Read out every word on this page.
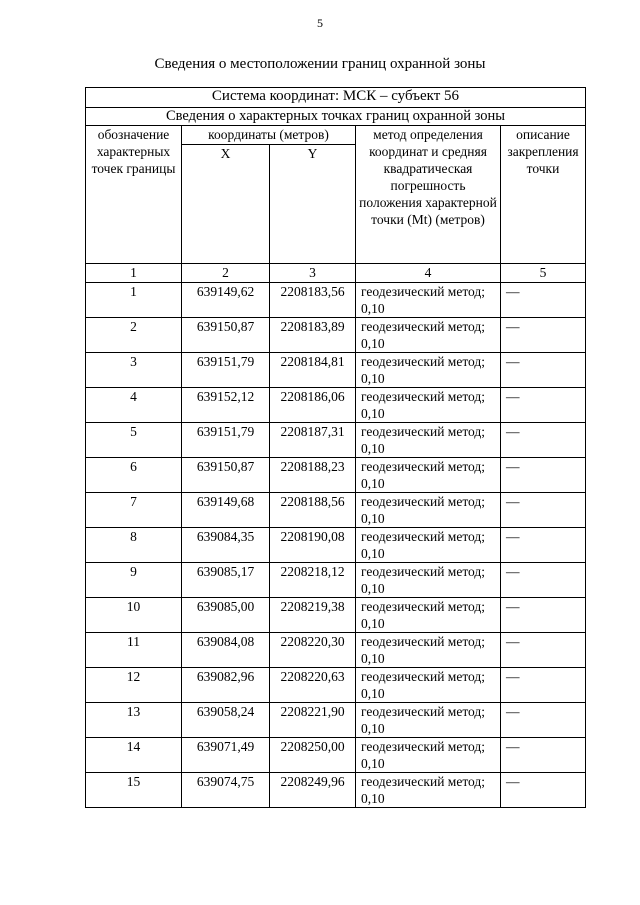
5
Сведения о местоположении границ охранной зоны
Система координат: МСК – субъект 56				
Сведения о характерных точках границ охранной зоны				
обозначение характерных точек границы	координаты (метров)		метод определения координат и средняя квадратическая погрешность положения характерной точки (Mt) (метров)	описание закрепления точки
	X	Y		
1	2	3	4	5
1	639149,62	2208183,56	геодезический метод; 0,10	—
2	639150,87	2208183,89	геодезический метод; 0,10	—
3	639151,79	2208184,81	геодезический метод; 0,10	—
4	639152,12	2208186,06	геодезический метод; 0,10	—
5	639151,79	2208187,31	геодезический метод; 0,10	—
6	639150,87	2208188,23	геодезический метод; 0,10	—
7	639149,68	2208188,56	геодезический метод; 0,10	—
8	639084,35	2208190,08	геодезический метод; 0,10	—
9	639085,17	2208218,12	геодезический метод; 0,10	—
10	639085,00	2208219,38	геодезический метод; 0,10	—
11	639084,08	2208220,30	геодезический метод; 0,10	—
12	639082,96	2208220,63	геодезический метод; 0,10	—
13	639058,24	2208221,90	геодезический метод; 0,10	—
14	639071,49	2208250,00	геодезический метод; 0,10	—
15	639074,75	2208249,96	геодезический метод; 0,10	—
